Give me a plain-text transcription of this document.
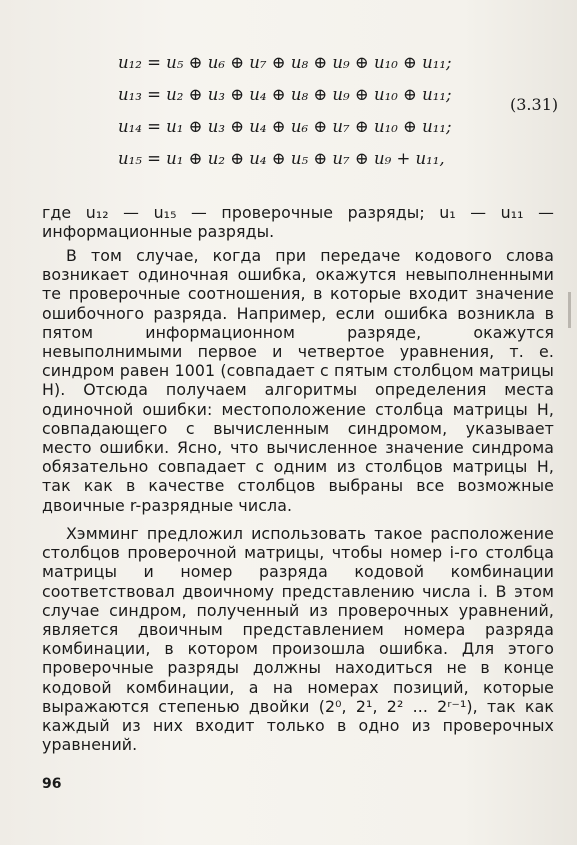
u₁₂ = u₅ ⊕ u₆ ⊕ u₇ ⊕ u₈ ⊕ u₉ ⊕ u₁₀ ⊕ u₁₁;
u₁₃ = u₂ ⊕ u₃ ⊕ u₄ ⊕ u₈ ⊕ u₉ ⊕ u₁₀ ⊕ u₁₁;
u₁₄ = u₁ ⊕ u₃ ⊕ u₄ ⊕ u₆ ⊕ u₇ ⊕ u₁₀ ⊕ u₁₁;
u₁₅ = u₁ ⊕ u₂ ⊕ u₄ ⊕ u₅ ⊕ u₇ ⊕ u₉ + u₁₁,
(3.31)
где u₁₂ — u₁₅ — проверочные разряды; u₁ — u₁₁ — информационные разряды.
В том случае, когда при передаче кодового слова возникает одиночная ошибка, окажутся невыполненными те проверочные соотношения, в которые входит значение ошибочного разряда. Например, если ошибка возникла в пятом информационном разряде, окажутся невыполнимыми первое и четвертое уравнения, т. е. синдром равен 1001 (совпадает с пятым столбцом матрицы H). Отсюда получаем алгоритмы определения места одиночной ошибки: местоположение столбца матрицы H, совпадающего с вычисленным синдромом, указывает место ошибки. Ясно, что вычисленное значение синдрома обязательно совпадает с одним из столбцов матрицы H, так как в качестве столбцов выбраны все возможные двоичные r-разрядные числа.
Хэмминг предложил использовать такое расположение столбцов проверочной матрицы, чтобы номер i-го столбца матрицы и номер разряда кодовой комбинации соответствовал двоичному представлению числа i. В этом случае синдром, полученный из проверочных уравнений, является двоичным представлением номера разряда комбинации, в котором произошла ошибка. Для этого проверочные разряды должны находиться не в конце кодовой комбинации, а на номерах позиций, которые выражаются степенью двойки (2⁰, 2¹, 2² ... 2ʳ⁻¹), так как каждый из них входит только в одно из проверочных уравнений.
96
